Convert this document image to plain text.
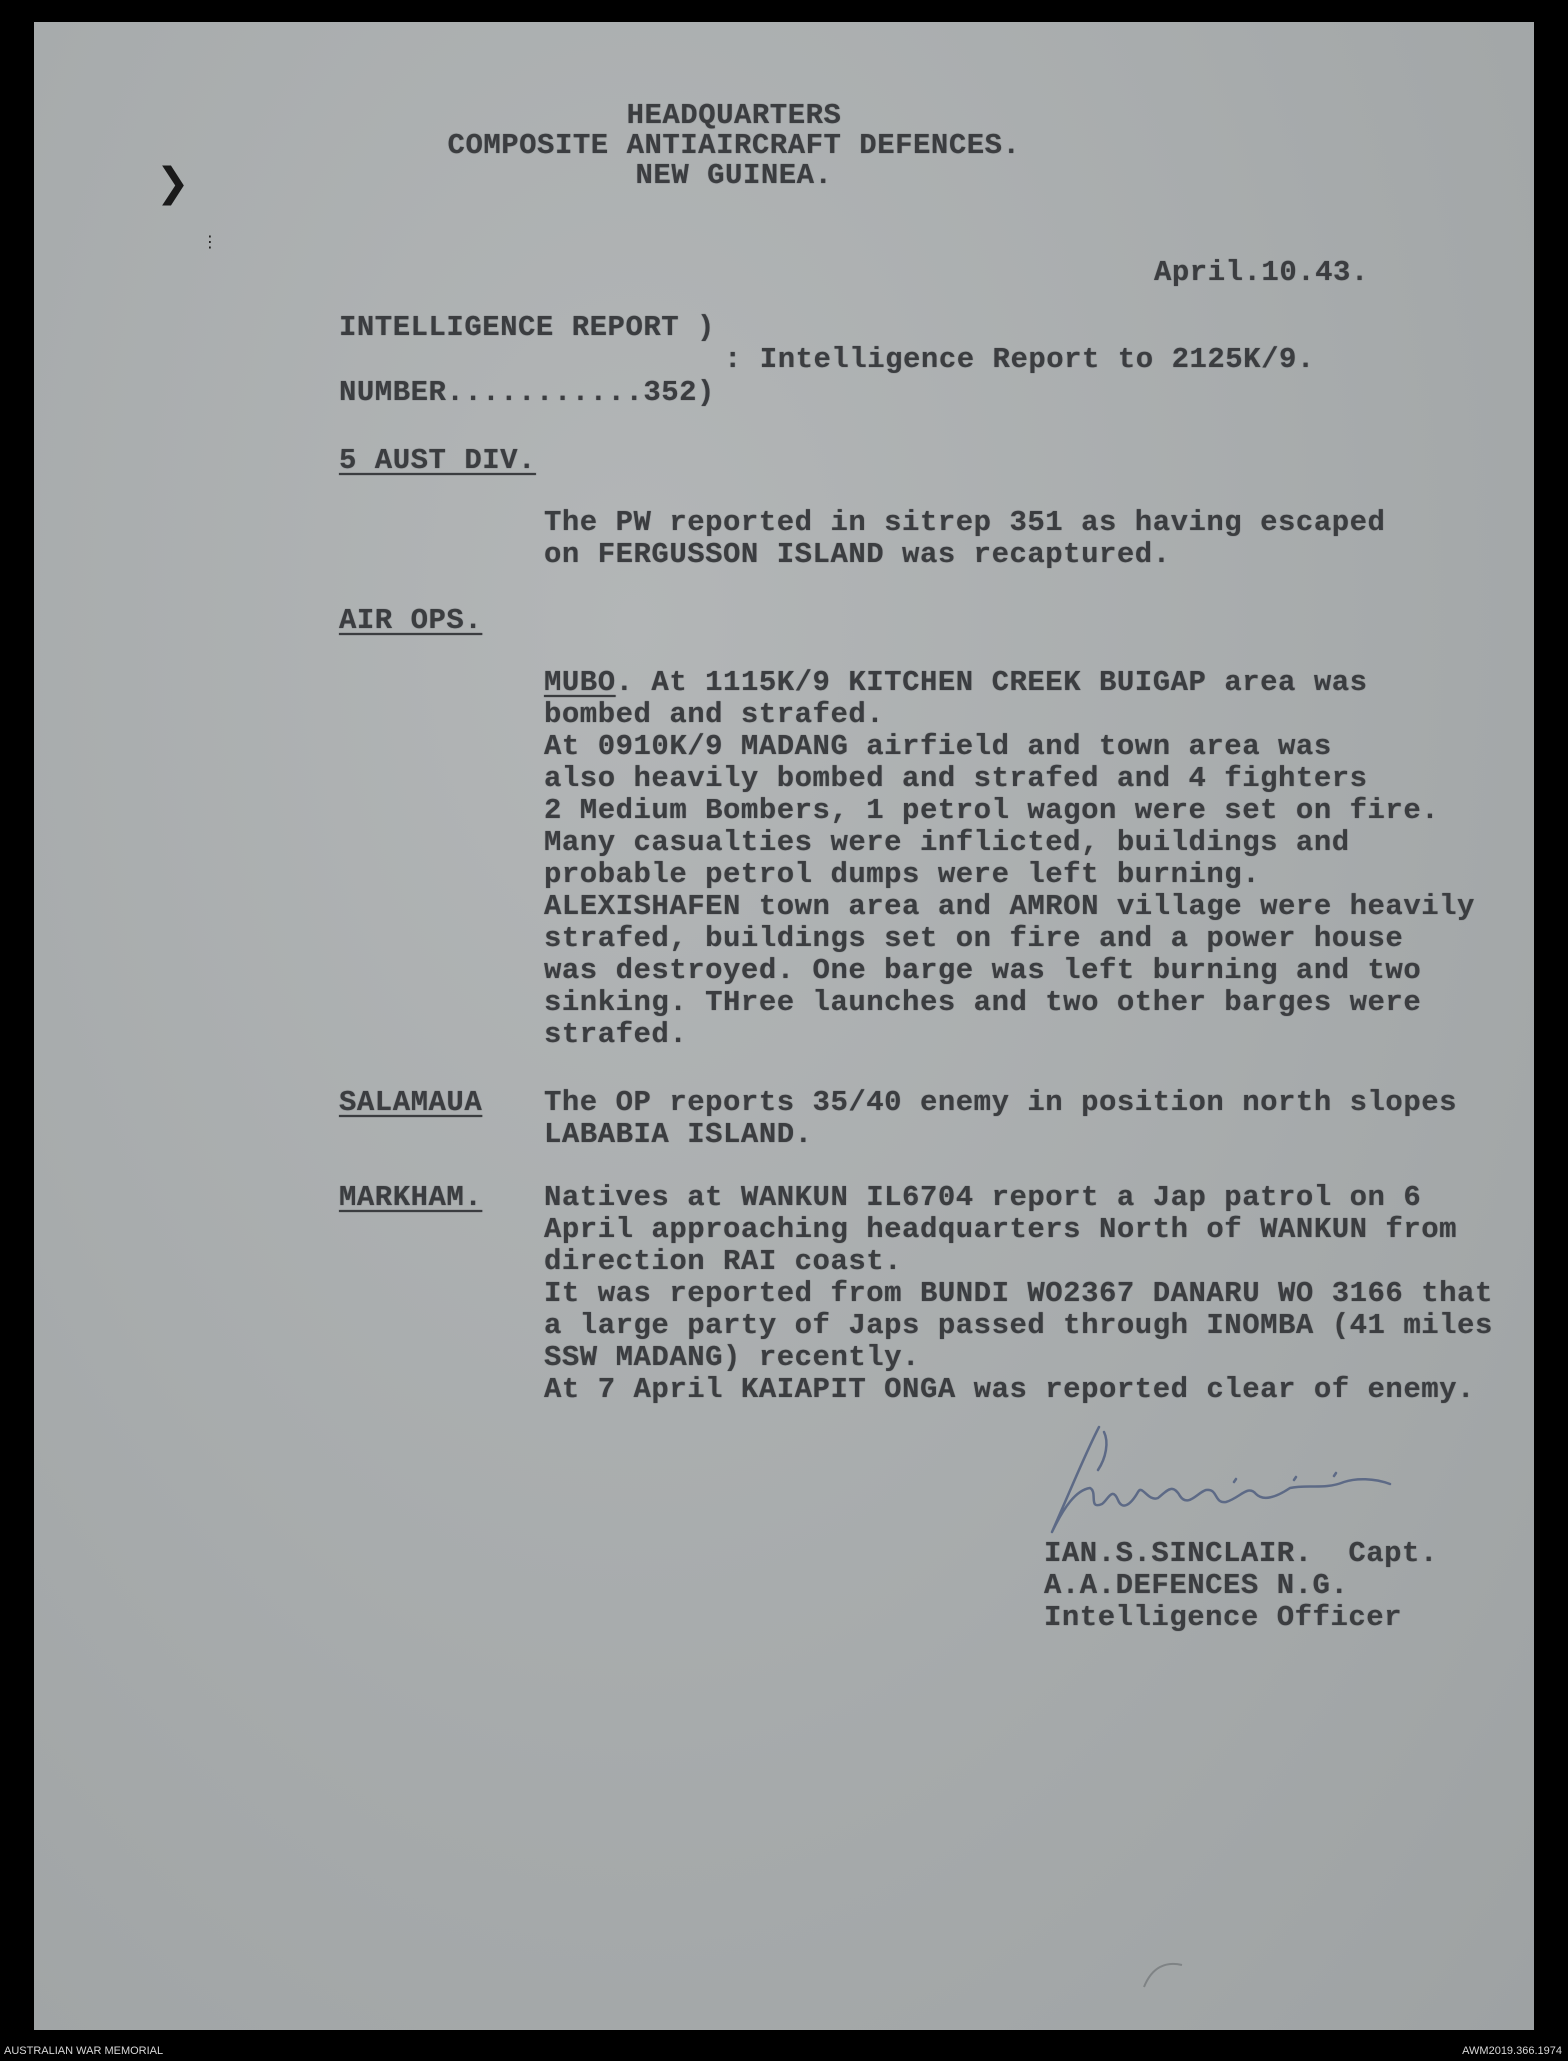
❯
⋮
HEADQUARTERS
COMPOSITE ANTIAIRCRAFT DEFENCES.
NEW GUINEA.
April.10.43.
INTELLIGENCE REPORT )
: Intelligence Report to 2125K/9.
NUMBER...........352)
5 AUST DIV.
The PW reported in sitrep 351 as having escaped
on FERGUSSON ISLAND was recaptured.
AIR OPS.
MUBO. At 1115K/9 KITCHEN CREEK BUIGAP area was
bombed and strafed.
At 0910K/9 MADANG airfield and town area was
also heavily bombed and strafed and 4 fighters
2 Medium Bombers, 1 petrol wagon were set on fire.
Many casualties were inflicted, buildings and
probable petrol dumps were left burning.
ALEXISHAFEN town area and AMRON village were heavily
strafed, buildings set on fire and a power house
was destroyed. One barge was left burning and two
sinking. THree launches and two other barges were
strafed.
SALAMAUA The OP reports 35/40 enemy in position north slopes
LABABIA ISLAND.
MARKHAM. Natives at WANKUN IL6704 report a Jap patrol on 6
April approaching headquarters North of WANKUN from
direction RAI coast.
It was reported from BUNDI WO2367 DANARU WO 3166 that
a large party of Japs passed through INOMBA (41 miles
SSW MADANG) recently.
At 7 April KAIAPIT ONGA was reported clear of enemy.
IAN.S.SINCLAIR.  Capt.
A.A.DEFENCES N.G.
Intelligence Officer
AUSTRALIAN WAR MEMORIAL	AWM2019.366.1974
